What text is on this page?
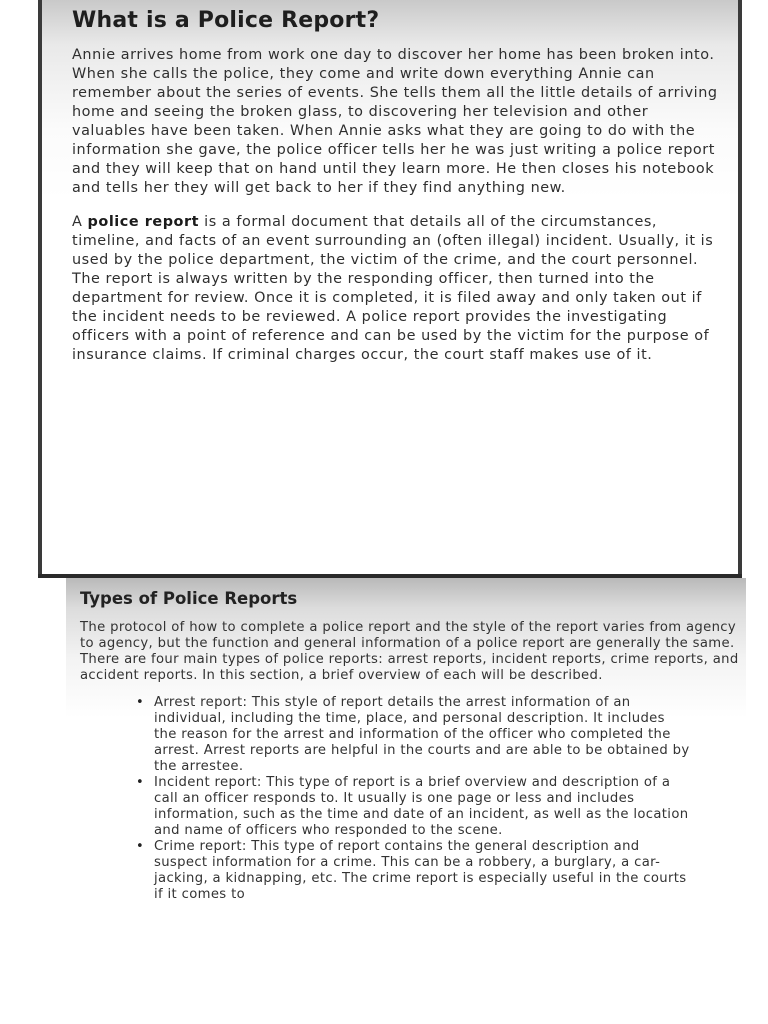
What is a Police Report?

Annie arrives home from work one day to discover her home has been broken into. When she calls the police, they come and write down everything Annie can remember about the series of events. She tells them all the little details of arriving home and seeing the broken glass, to discovering her television and other valuables have been taken. When Annie asks what they are going to do with the information she gave, the police officer tells her he was just writing a police report and they will keep that on hand until they learn more. He then closes his notebook and tells her they will get back to her if they find anything new.

A police report is a formal document that details all of the circumstances, timeline, and facts of an event surrounding an (often illegal) incident. Usually, it is used by the police department, the victim of the crime, and the court personnel. The report is always written by the responding officer, then turned into the department for review. Once it is completed, it is filed away and only taken out if the incident needs to be reviewed. A police report provides the investigating officers with a point of reference and can be used by the victim for the purpose of insurance claims. If criminal charges occur, the court staff makes use of it.

Types of Police Reports

The protocol of how to complete a police report and the style of the report varies from agency to agency, but the function and general information of a police report are generally the same. There are four main types of police reports: arrest reports, incident reports, crime reports, and accident reports. In this section, a brief overview of each will be described.

• Arrest report: This style of report details the arrest information of an individual, including the time, place, and personal description. It includes the reason for the arrest and information of the officer who completed the arrest. Arrest reports are helpful in the courts and are able to be obtained by the arrestee.
• Incident report: This type of report is a brief overview and description of a call an officer responds to. It usually is one page or less and includes information, such as the time and date of an incident, as well as the location and name of officers who responded to the scene.
• Crime report: This type of report contains the general description and suspect information for a crime. This can be a robbery, a burglary, a car-jacking, a kidnapping, etc. The crime report is especially useful in the courts if it comes to
